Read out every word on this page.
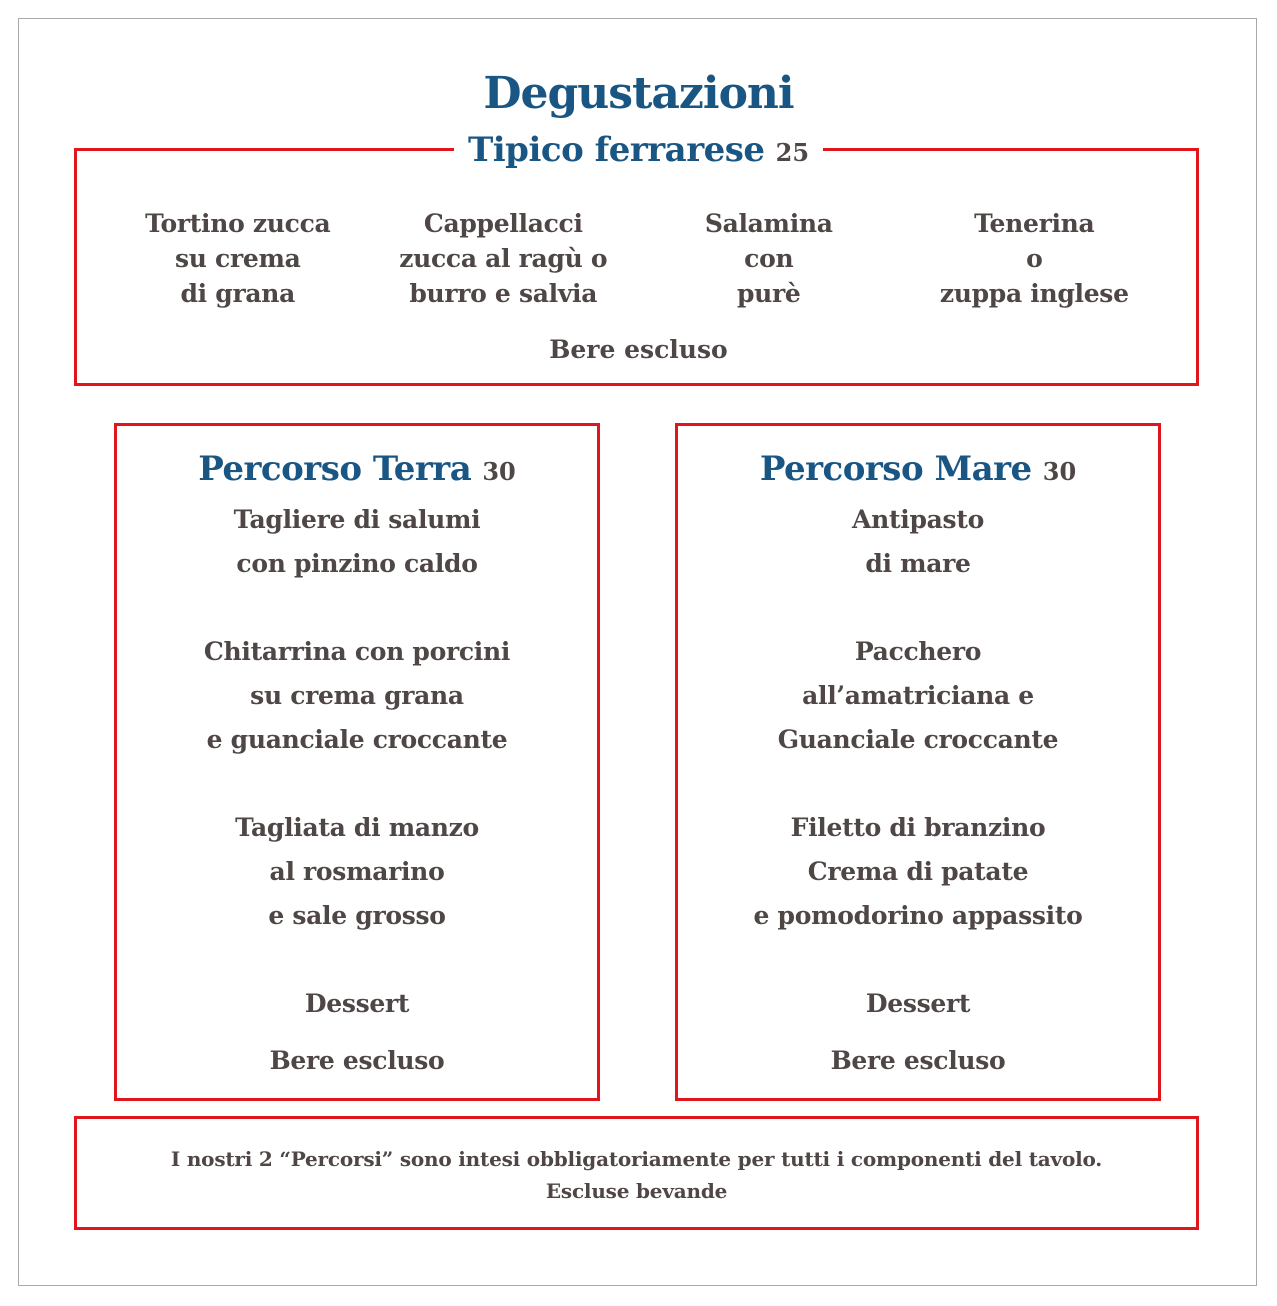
Degustazioni
Tipico ferrarese 25
Tortino zucca
su crema
di grana
Cappellacci
zucca al ragù o
burro e salvia
Salamina
con
purè
Tenerina
o
zuppa inglese
Bere escluso
Percorso Terra 30
Tagliere di salumi
con pinzino caldo
Chitarrina con porcini
su crema grana
e guanciale croccante
Tagliata di manzo
al rosmarino
e sale grosso
Dessert
Bere escluso
Percorso Mare 30
Antipasto
di mare
Pacchero
all’amatriciana e
Guanciale croccante
Filetto di branzino
Crema di patate
e pomodorino appassito
Dessert
Bere escluso
I nostri 2 “Percorsi” sono intesi obbligatoriamente per tutti i componenti del tavolo.
Escluse bevande
